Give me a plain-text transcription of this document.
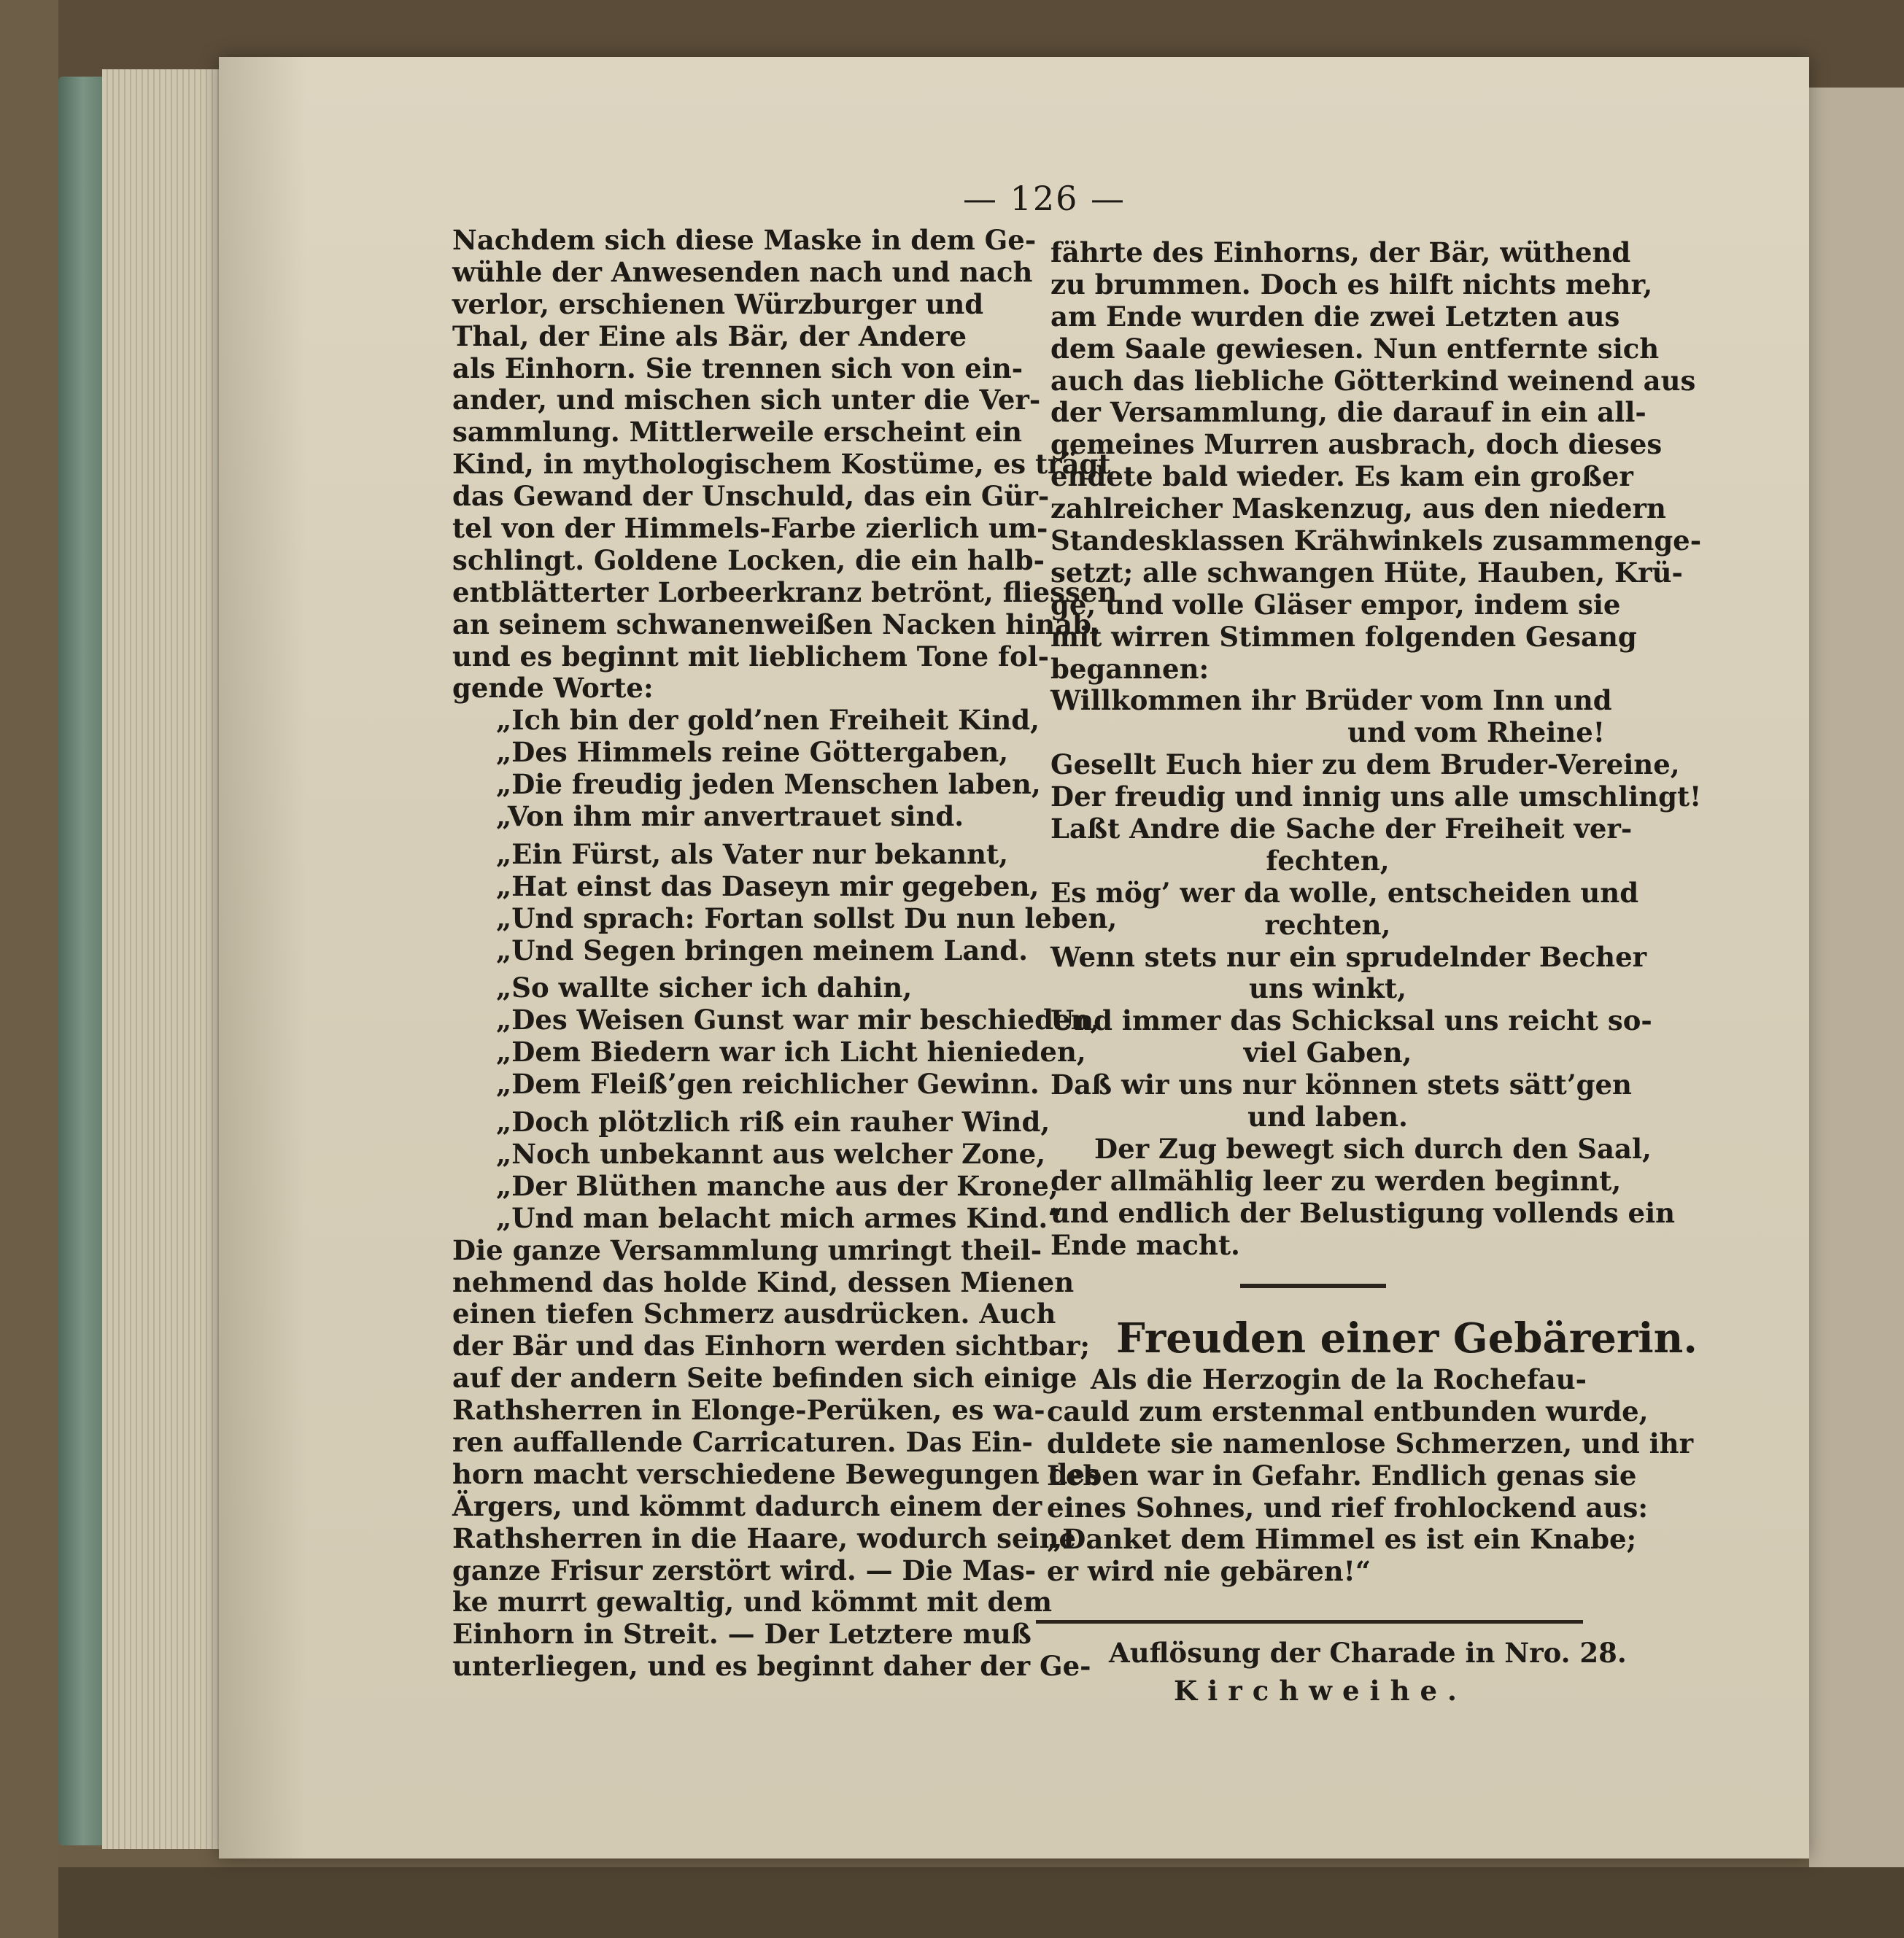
— 126 —
Nachdem sich diese Maske in dem Ge-
wühle der Anwesenden nach und nach
verlor, erschienen Würzburger und
Thal, der Eine als Bär, der Andere
als Einhorn. Sie trennen sich von ein-
ander, und mischen sich unter die Ver-
sammlung. Mittlerweile erscheint ein
Kind, in mythologischem Kostüme, es trägt
das Gewand der Unschuld, das ein Gür-
tel von der Himmels-Farbe zierlich um-
schlingt. Goldene Locken, die ein halb-
entblätterter Lorbeerkranz betrönt, fliessen
an seinem schwanenweißen Nacken hinab,
und es beginnt mit lieblichem Tone fol-
gende Worte:
„Ich bin der gold’nen Freiheit Kind,
„Des Himmels reine Göttergaben,
„Die freudig jeden Menschen laben,
„Von ihm mir anvertrauet sind.
„Ein Fürst, als Vater nur bekannt,
„Hat einst das Daseyn mir gegeben,
„Und sprach: Fortan sollst Du nun leben,
„Und Segen bringen meinem Land.
„So wallte sicher ich dahin,
„Des Weisen Gunst war mir beschieden,
„Dem Biedern war ich Licht hienieden,
„Dem Fleiß’gen reichlicher Gewinn.
„Doch plötzlich riß ein rauher Wind,
„Noch unbekannt aus welcher Zone,
„Der Blüthen manche aus der Krone,
„Und man belacht mich armes Kind.“
Die ganze Versammlung umringt theil-
nehmend das holde Kind, dessen Mienen
einen tiefen Schmerz ausdrücken. Auch
der Bär und das Einhorn werden sichtbar;
auf der andern Seite befinden sich einige
Rathsherren in Elonge-Perüken, es wa-
ren auffallende Carricaturen. Das Ein-
horn macht verschiedene Bewegungen des
Ärgers, und kömmt dadurch einem der
Rathsherren in die Haare, wodurch seine
ganze Frisur zerstört wird. — Die Mas-
ke murrt gewaltig, und kömmt mit dem
Einhorn in Streit. — Der Letztere muß
unterliegen, und es beginnt daher der Ge-
fährte des Einhorns, der Bär, wüthend
zu brummen. Doch es hilft nichts mehr,
am Ende wurden die zwei Letzten aus
dem Saale gewiesen. Nun entfernte sich
auch das liebliche Götterkind weinend aus
der Versammlung, die darauf in ein all-
gemeines Murren ausbrach, doch dieses
endete bald wieder. Es kam ein großer
zahlreicher Maskenzug, aus den niedern
Standesklassen Krähwinkels zusammenge-
setzt; alle schwangen Hüte, Hauben, Krü-
ge, und volle Gläser empor, indem sie
mit wirren Stimmen folgenden Gesang
begannen:
Willkommen ihr Brüder vom Inn und
und vom Rheine!
Gesellt Euch hier zu dem Bruder-Vereine,
Der freudig und innig uns alle umschlingt!
Laßt Andre die Sache der Freiheit ver-
fechten,
Es mög’ wer da wolle, entscheiden und
rechten,
Wenn stets nur ein sprudelnder Becher
uns winkt,
Und immer das Schicksal uns reicht so-
viel Gaben,
Daß wir uns nur können stets sätt’gen
und laben.
Der Zug bewegt sich durch den Saal,
der allmählig leer zu werden beginnt,
und endlich der Belustigung vollends ein
Ende macht.
Freuden einer Gebärerin.
Als die Herzogin de la Rochefau-
cauld zum erstenmal entbunden wurde,
duldete sie namenlose Schmerzen, und ihr
Leben war in Gefahr. Endlich genas sie
eines Sohnes, und rief frohlockend aus:
„Danket dem Himmel es ist ein Knabe;
er wird nie gebären!“
Auflösung der Charade in Nro. 28.
Kirchweihe.
